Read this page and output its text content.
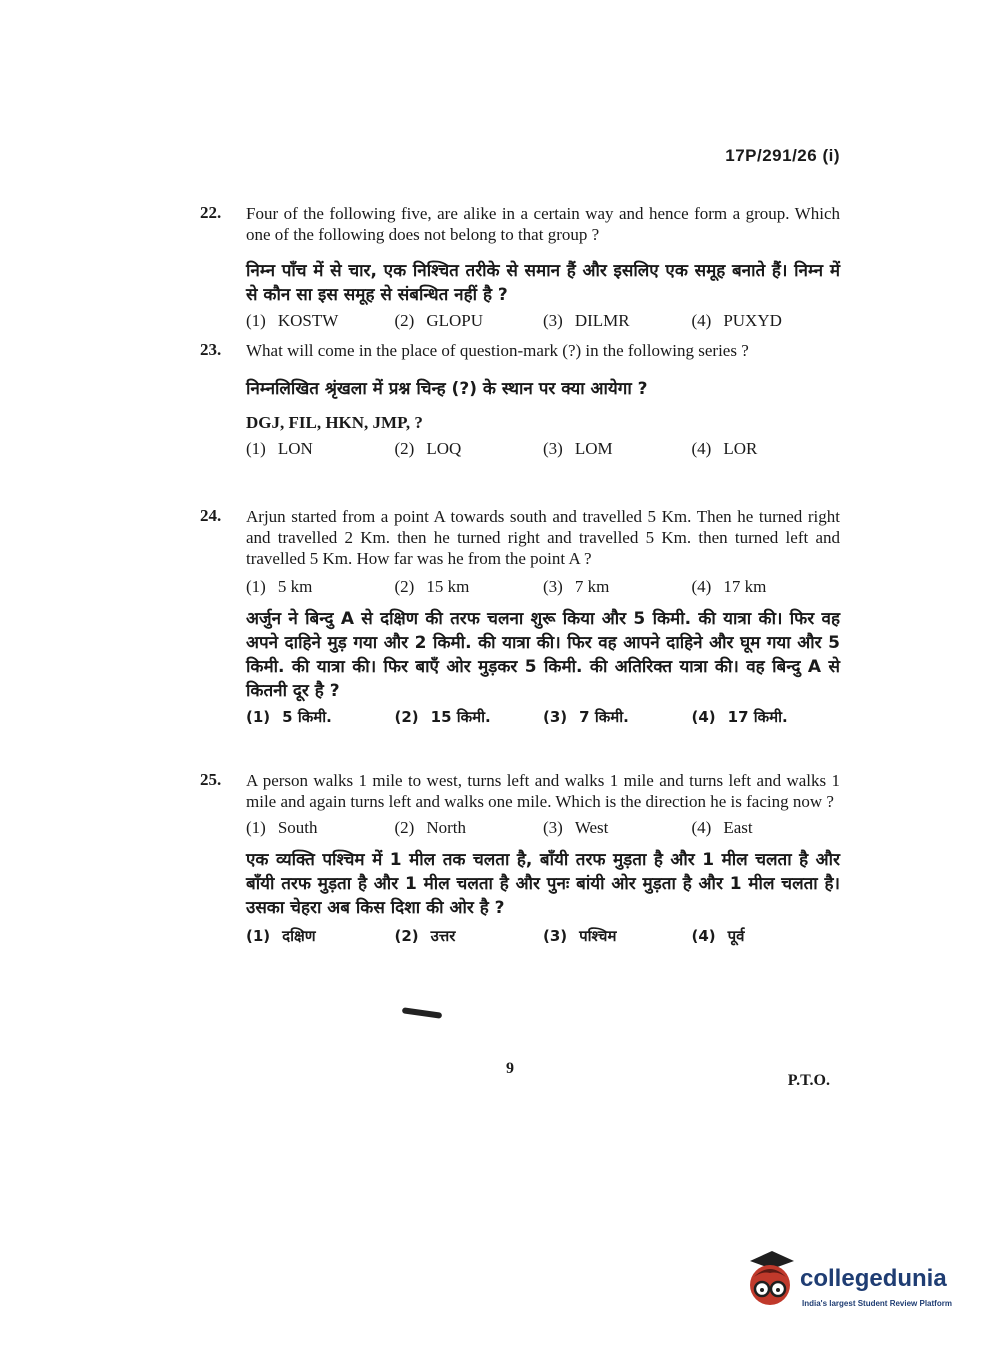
17P/291/26 (i)
22.	Four of the following five, are alike in a certain way and hence form a group. Which one of the following does not belong to that group ?
निम्न पाँच में से चार, एक निश्चित तरीके से समान हैं और इसलिए एक समूह बनाते हैं। निम्न में से कौन सा इस समूह से संबन्धित नहीं है ?
(1) KOSTW	(2) GLOPU	(3) DILMR	(4) PUXYD
23.	What will come in the place of question-mark (?) in the following series ?
निम्नलिखित श्रृंखला में प्रश्न चिन्ह (?) के स्थान पर क्या आयेगा ?
DGJ, FIL, HKN, JMP, ?
(1) LON	(2) LOQ	(3) LOM	(4) LOR
24.	Arjun started from a point A towards south and travelled 5 Km. Then he turned right and travelled 2 Km. then he turned right and travelled 5 Km. then turned left and travelled 5 Km. How far was he from the point A ?
(1) 5 km	(2) 15 km	(3) 7 km	(4) 17 km
अर्जुन ने बिन्दु A से दक्षिण की तरफ चलना शुरू किया और 5 किमी. की यात्रा की। फिर वह अपने दाहिने मुड़ गया और 2 किमी. की यात्रा की। फिर वह आपने दाहिने और घूम गया और 5 किमी. की यात्रा की। फिर बाएँ ओर मुड़कर 5 किमी. की अतिरिक्त यात्रा की। वह बिन्दु A से कितनी दूर है ?
(1) 5 किमी.	(2) 15 किमी.	(3) 7 किमी.	(4) 17 किमी.
25.	A person walks 1 mile to west, turns left and walks 1 mile and turns left and walks 1 mile and again turns left and walks one mile. Which is the direction he is facing now ?
(1) South	(2) North	(3) West	(4) East
एक व्यक्ति पश्चिम में 1 मील तक चलता है, बाँयी तरफ मुड़ता है और 1 मील चलता है और बाँयी तरफ मुड़ता है और 1 मील चलता है और पुनः बांयी ओर मुड़ता है और 1 मील चलता है। उसका चेहरा अब किस दिशा की ओर है ?
(1) दक्षिण	(2) उत्तर	(3) पश्चिम	(4) पूर्व
9
P.T.O.
collegedunia
India's largest Student Review Platform
